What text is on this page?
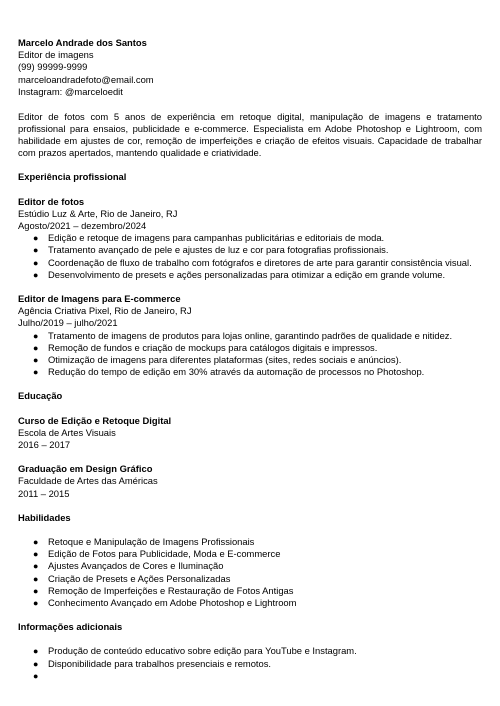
Marcelo Andrade dos Santos

Editor de imagens

(99) 99999-9999

marceloandradefoto@email.com

Instagram: @marceloedit

Editor de fotos com 5 anos de experiência em retoque digital, manipulação de imagens e tratamento profissional para ensaios, publicidade e e-commerce. Especialista em Adobe Photoshop e Lightroom, com habilidade em ajustes de cor, remoção de imperfeições e criação de efeitos visuais. Capacidade de trabalhar com prazos apertados, mantendo qualidade e criatividade.

Experiência profissional

Editor de fotos

Estúdio Luz & Arte, Rio de Janeiro, RJ

Agosto/2021 – dezembro/2024

● Edição e retoque de imagens para campanhas publicitárias e editoriais de moda.
● Tratamento avançado de pele e ajustes de luz e cor para fotografias profissionais.
● Coordenação de fluxo de trabalho com fotógrafos e diretores de arte para garantir consistência visual.
● Desenvolvimento de presets e ações personalizadas para otimizar a edição em grande volume.

Editor de Imagens para E-commerce

Agência Criativa Pixel, Rio de Janeiro, RJ

Julho/2019 – julho/2021

● Tratamento de imagens de produtos para lojas online, garantindo padrões de qualidade e nitidez.
● Remoção de fundos e criação de mockups para catálogos digitais e impressos.
● Otimização de imagens para diferentes plataformas (sites, redes sociais e anúncios).
● Redução do tempo de edição em 30% através da automação de processos no Photoshop.

Educação

Curso de Edição e Retoque Digital

Escola de Artes Visuais

2016 – 2017

Graduação em Design Gráfico

Faculdade de Artes das Américas

2011 – 2015

Habilidades

● Retoque e Manipulação de Imagens Profissionais
● Edição de Fotos para Publicidade, Moda e E-commerce
● Ajustes Avançados de Cores e Iluminação
● Criação de Presets e Ações Personalizadas
● Remoção de Imperfeições e Restauração de Fotos Antigas
● Conhecimento Avançado em Adobe Photoshop e Lightroom

Informações adicionais

● Produção de conteúdo educativo sobre edição para YouTube e Instagram.
● Disponibilidade para trabalhos presenciais e remotos.
●
